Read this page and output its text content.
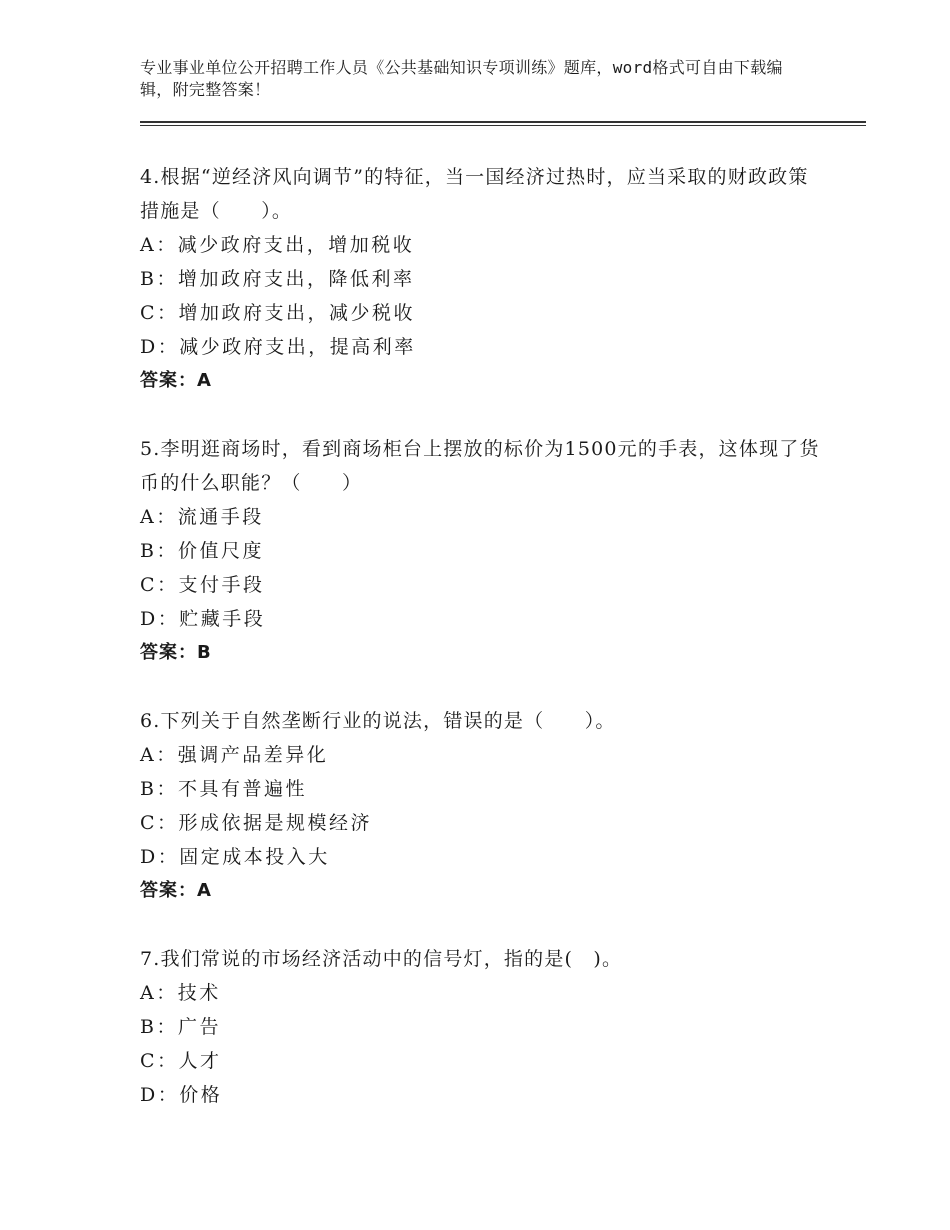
专业事业单位公开招聘工作人员《公共基础知识专项训练》题库，word格式可自由下载编辑，附完整答案！
4.根据“逆经济风向调节”的特征，当一国经济过热时，应当采取的财政政策措施是（　　）。
A：减少政府支出，增加税收
B：增加政府支出，降低利率
C：增加政府支出，减少税收
D：减少政府支出，提高利率
答案：A
5.李明逛商场时，看到商场柜台上摆放的标价为1500元的手表，这体现了货币的什么职能？（　　）
A：流通手段
B：价值尺度
C：支付手段
D：贮藏手段
答案：B
6.下列关于自然垄断行业的说法，错误的是（　　）。
A：强调产品差异化
B：不具有普遍性
C：形成依据是规模经济
D：固定成本投入大
答案：A
7.我们常说的市场经济活动中的信号灯，指的是(　)。
A：技术
B：广告
C：人才
D：价格
